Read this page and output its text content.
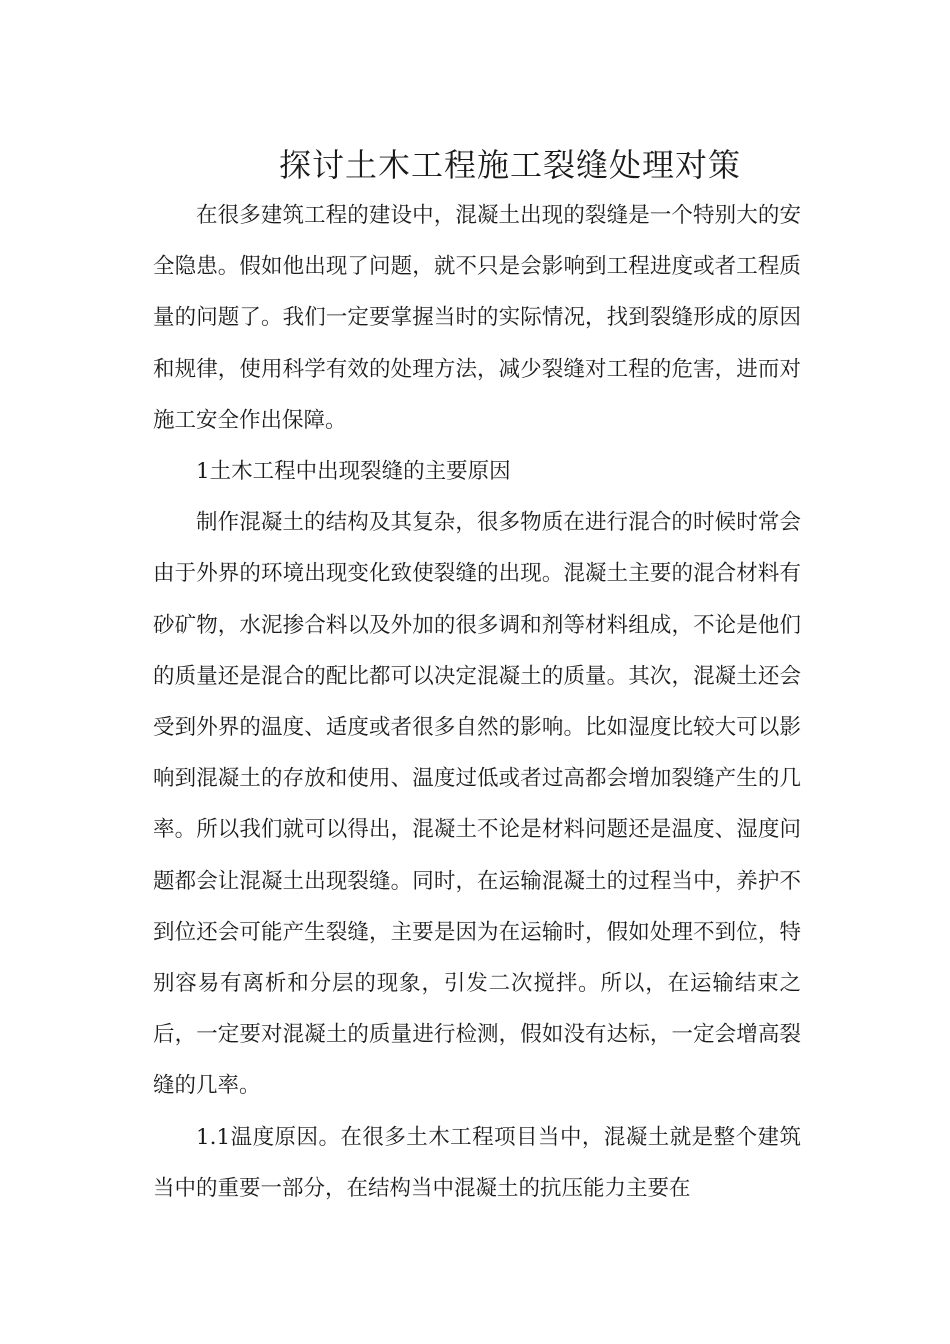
探讨土木工程施工裂缝处理对策

在很多建筑工程的建设中，混凝土出现的裂缝是一个特别大的安全隐患。假如他出现了问题，就不只是会影响到工程进度或者工程质量的问题了。我们一定要掌握当时的实际情况，找到裂缝形成的原因和规律，使用科学有效的处理方法，减少裂缝对工程的危害，进而对施工安全作出保障。

1土木工程中出现裂缝的主要原因

制作混凝土的结构及其复杂，很多物质在进行混合的时候时常会由于外界的环境出现变化致使裂缝的出现。混凝土主要的混合材料有砂矿物，水泥掺合料以及外加的很多调和剂等材料组成，不论是他们的质量还是混合的配比都可以决定混凝土的质量。其次，混凝土还会受到外界的温度、适度或者很多自然的影响。比如湿度比较大可以影响到混凝土的存放和使用、温度过低或者过高都会增加裂缝产生的几率。所以我们就可以得出，混凝土不论是材料问题还是温度、湿度问题都会让混凝土出现裂缝。同时，在运输混凝土的过程当中，养护不到位还会可能产生裂缝，主要是因为在运输时，假如处理不到位，特别容易有离析和分层的现象，引发二次搅拌。所以，在运输结束之后，一定要对混凝土的质量进行检测，假如没有达标，一定会增高裂缝的几率。

1.1温度原因。在很多土木工程项目当中，混凝土就是整个建筑当中的重要一部分，在结构当中混凝土的抗压能力主要在
